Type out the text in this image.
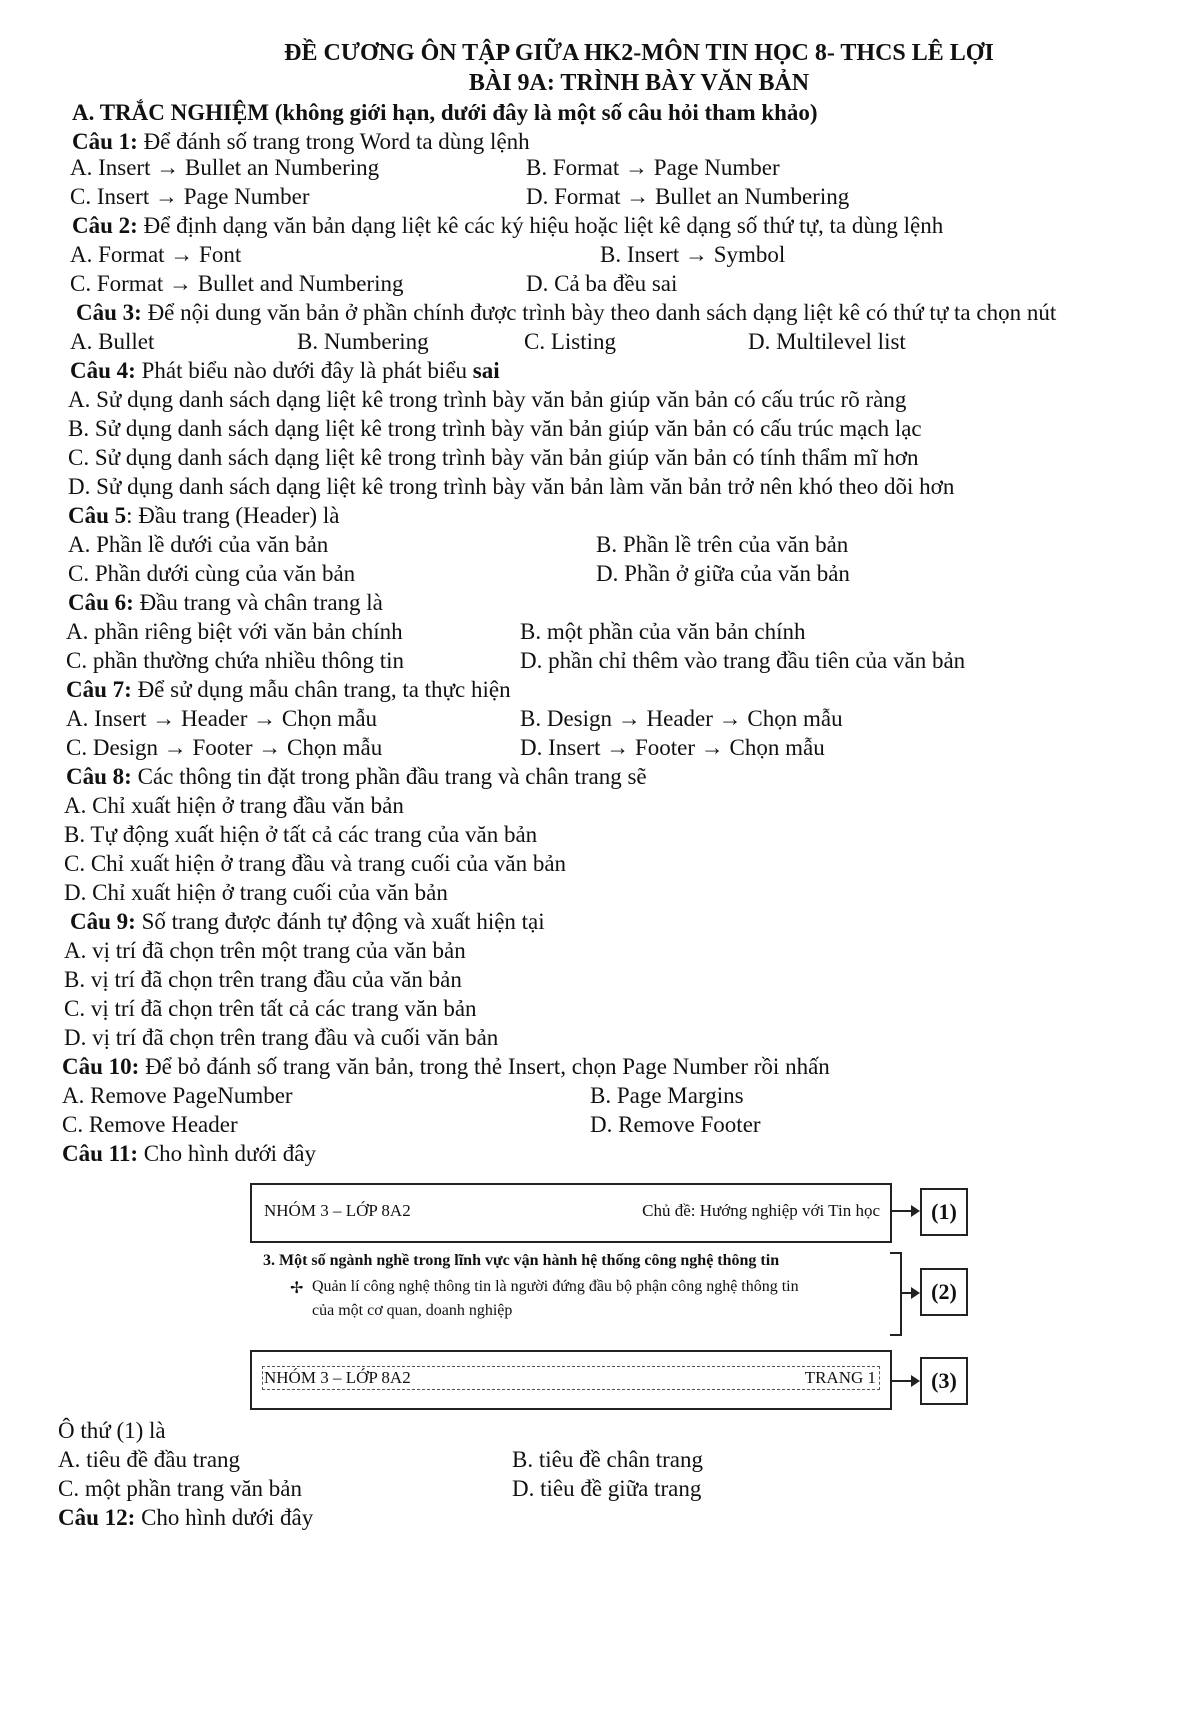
ĐỀ CƯƠNG ÔN TẬP GIỮA HK2-MÔN TIN HỌC 8- THCS LÊ LỢI
BÀI 9A: TRÌNH BÀY VĂN BẢN
A. TRẮC NGHIỆM (không giới hạn, dưới đây là một số câu hỏi tham khảo)
Câu 1: Để đánh số trang trong Word ta dùng lệnh
A. Insert → Bullet an Numbering	B. Format → Page Number
C. Insert → Page Number	D. Format → Bullet an Numbering
Câu 2: Để định dạng văn bản dạng liệt kê các ký hiệu hoặc liệt kê dạng số thứ tự, ta dùng lệnh
A. Format → Font	B. Insert → Symbol
C. Format → Bullet and Numbering	D. Cả ba đều sai
Câu 3: Để nội dung văn bản ở phần chính được trình bày theo danh sách dạng liệt kê có thứ tự ta chọn nút
A. Bullet	B. Numbering	C. Listing	D. Multilevel list
Câu 4: Phát biểu nào dưới đây là phát biểu sai
A. Sử dụng danh sách dạng liệt kê trong trình bày văn bản giúp văn bản có cấu trúc rõ ràng
B. Sử dụng danh sách dạng liệt kê trong trình bày văn bản giúp văn bản có cấu trúc mạch lạc
C. Sử dụng danh sách dạng liệt kê trong trình bày văn bản giúp văn bản có tính thẩm mĩ hơn
D. Sử dụng danh sách dạng liệt kê trong trình bày văn bản làm văn bản trở nên khó theo dõi hơn
Câu 5: Đầu trang (Header) là
A. Phần lề dưới của văn bản	B. Phần lề trên của văn bản
C. Phần dưới cùng của văn bản	D. Phần ở giữa của văn bản
Câu 6: Đầu trang và chân trang là
A. phần riêng biệt với văn bản chính	B. một phần của văn bản chính
C. phần thường chứa nhiều thông tin	D. phần chỉ thêm vào trang đầu tiên của văn bản
Câu 7: Để sử dụng mẫu chân trang, ta thực hiện
A. Insert → Header → Chọn mẫu	B. Design → Header → Chọn mẫu
C. Design → Footer → Chọn mẫu	D. Insert → Footer → Chọn mẫu
Câu 8: Các thông tin đặt trong phần đầu trang và chân trang sẽ
A. Chỉ xuất hiện ở trang đầu văn bản
B. Tự động xuất hiện ở tất cả các trang của văn bản
C. Chỉ xuất hiện ở trang đầu và trang cuối của văn bản
D. Chỉ xuất hiện ở trang cuối của văn bản
Câu 9: Số trang được đánh tự động và xuất hiện tại
A. vị trí đã chọn trên một trang của văn bản
B. vị trí đã chọn trên trang đầu của văn bản
C. vị trí đã chọn trên tất cả các trang văn bản
D. vị trí đã chọn trên trang đầu và cuối văn bản
Câu 10: Để bỏ đánh số trang văn bản, trong thẻ Insert, chọn Page Number rồi nhấn
A. Remove PageNumber	B. Page Margins
C. Remove Header	D. Remove Footer
Câu 11: Cho hình dưới đây
NHÓM 3 – LỚP 8A2	Chủ đề: Hướng nghiệp với Tin học	(1)
3. Một số ngành nghề trong lĩnh vực vận hành hệ thống công nghệ thông tin
✢ Quản lí công nghệ thông tin là người đứng đầu bộ phận công nghệ thông tin
của một cơ quan, doanh nghiệp
(2)
NHÓM 3 – LỚP 8A2	TRANG 1	(3)
Ô thứ (1) là
A. tiêu đề đầu trang	B. tiêu đề chân trang
C. một phần trang văn bản	D. tiêu đề giữa trang
Câu 12: Cho hình dưới đây
